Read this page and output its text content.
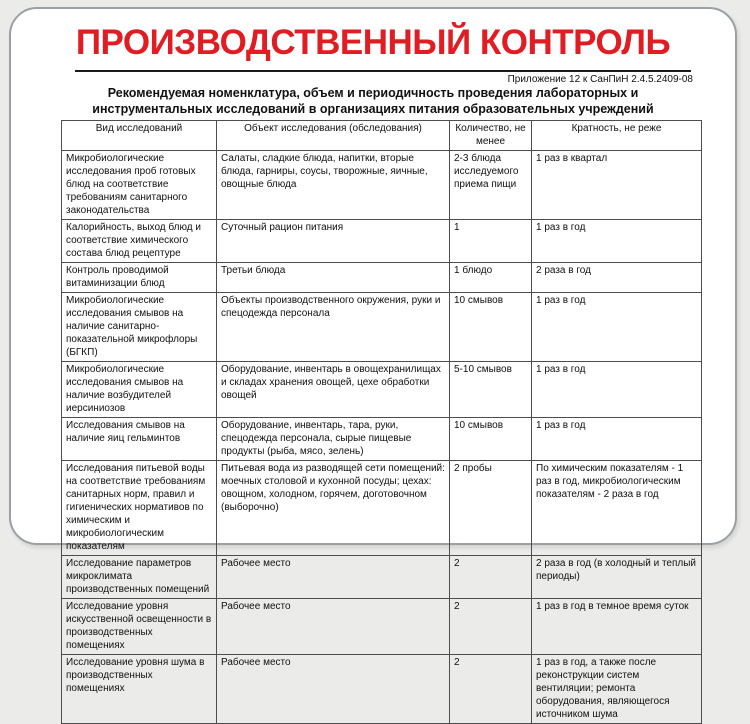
ПРОИЗВОДСТВЕННЫЙ КОНТРОЛЬ
Приложение 12 к СанПиН 2.4.5.2409-08
Рекомендуемая номенклатура, объем и периодичность проведения лабораторных и
инструментальных исследований в организациях питания образовательных учреждений
Вид исследований	Объект исследования (обследования)	Количество, не менее	Кратность, не реже
Микробиологические исследования проб готовых блюд на соответствие требованиям санитарного законодательства	Салаты, сладкие блюда, напитки, вторые блюда, гарниры, соусы, творожные, яичные, овощные блюда	2-3 блюда исследуемого приема пищи	1 раз в квартал
Калорийность, выход блюд и соответствие химического состава блюд рецептуре	Суточный рацион питания	1	1 раз в год
Контроль проводимой витаминизации блюд	Третьи блюда	1 блюдо	2 раза в год
Микробиологические исследования смывов на наличие санитарно-показательной микрофлоры (БГКП)	Объекты производственного окружения, руки и спецодежда персонала	10 смывов	1 раз в год
Микробиологические исследования смывов на наличие возбудителей иерсиниозов	Оборудование, инвентарь в овощехранилищах и складах хранения овощей, цехе обработки овощей	5-10 смывов	1 раз в год
Исследования смывов на наличие яиц гельминтов	Оборудование, инвентарь, тара, руки, спецодежда персонала, сырые пищевые продукты (рыба, мясо, зелень)	10 смывов	1 раз в год
Исследования питьевой воды на соответствие требованиям санитарных норм, правил и гигиенических нормативов по химическим и микробиологическим показателям	Питьевая вода из разводящей сети помещений: моечных столовой и кухонной посуды; цехах: овощном, холодном, горячем, доготовочном (выборочно)	2 пробы	По химическим показателям - 1 раз в год, микробиологическим показателям - 2 раза в год
Исследование параметров микроклимата производственных помещений	Рабочее место	2	2 раза в год (в холодный и теплый периоды)
Исследование уровня искусственной освещенности в производственных помещениях	Рабочее место	2	1 раз в год в темное время суток
Исследование уровня шума в производственных помещениях	Рабочее место	2	1 раз в год, а также после реконструкции систем вентиляции; ремонта оборудования, являющегося источником шума
